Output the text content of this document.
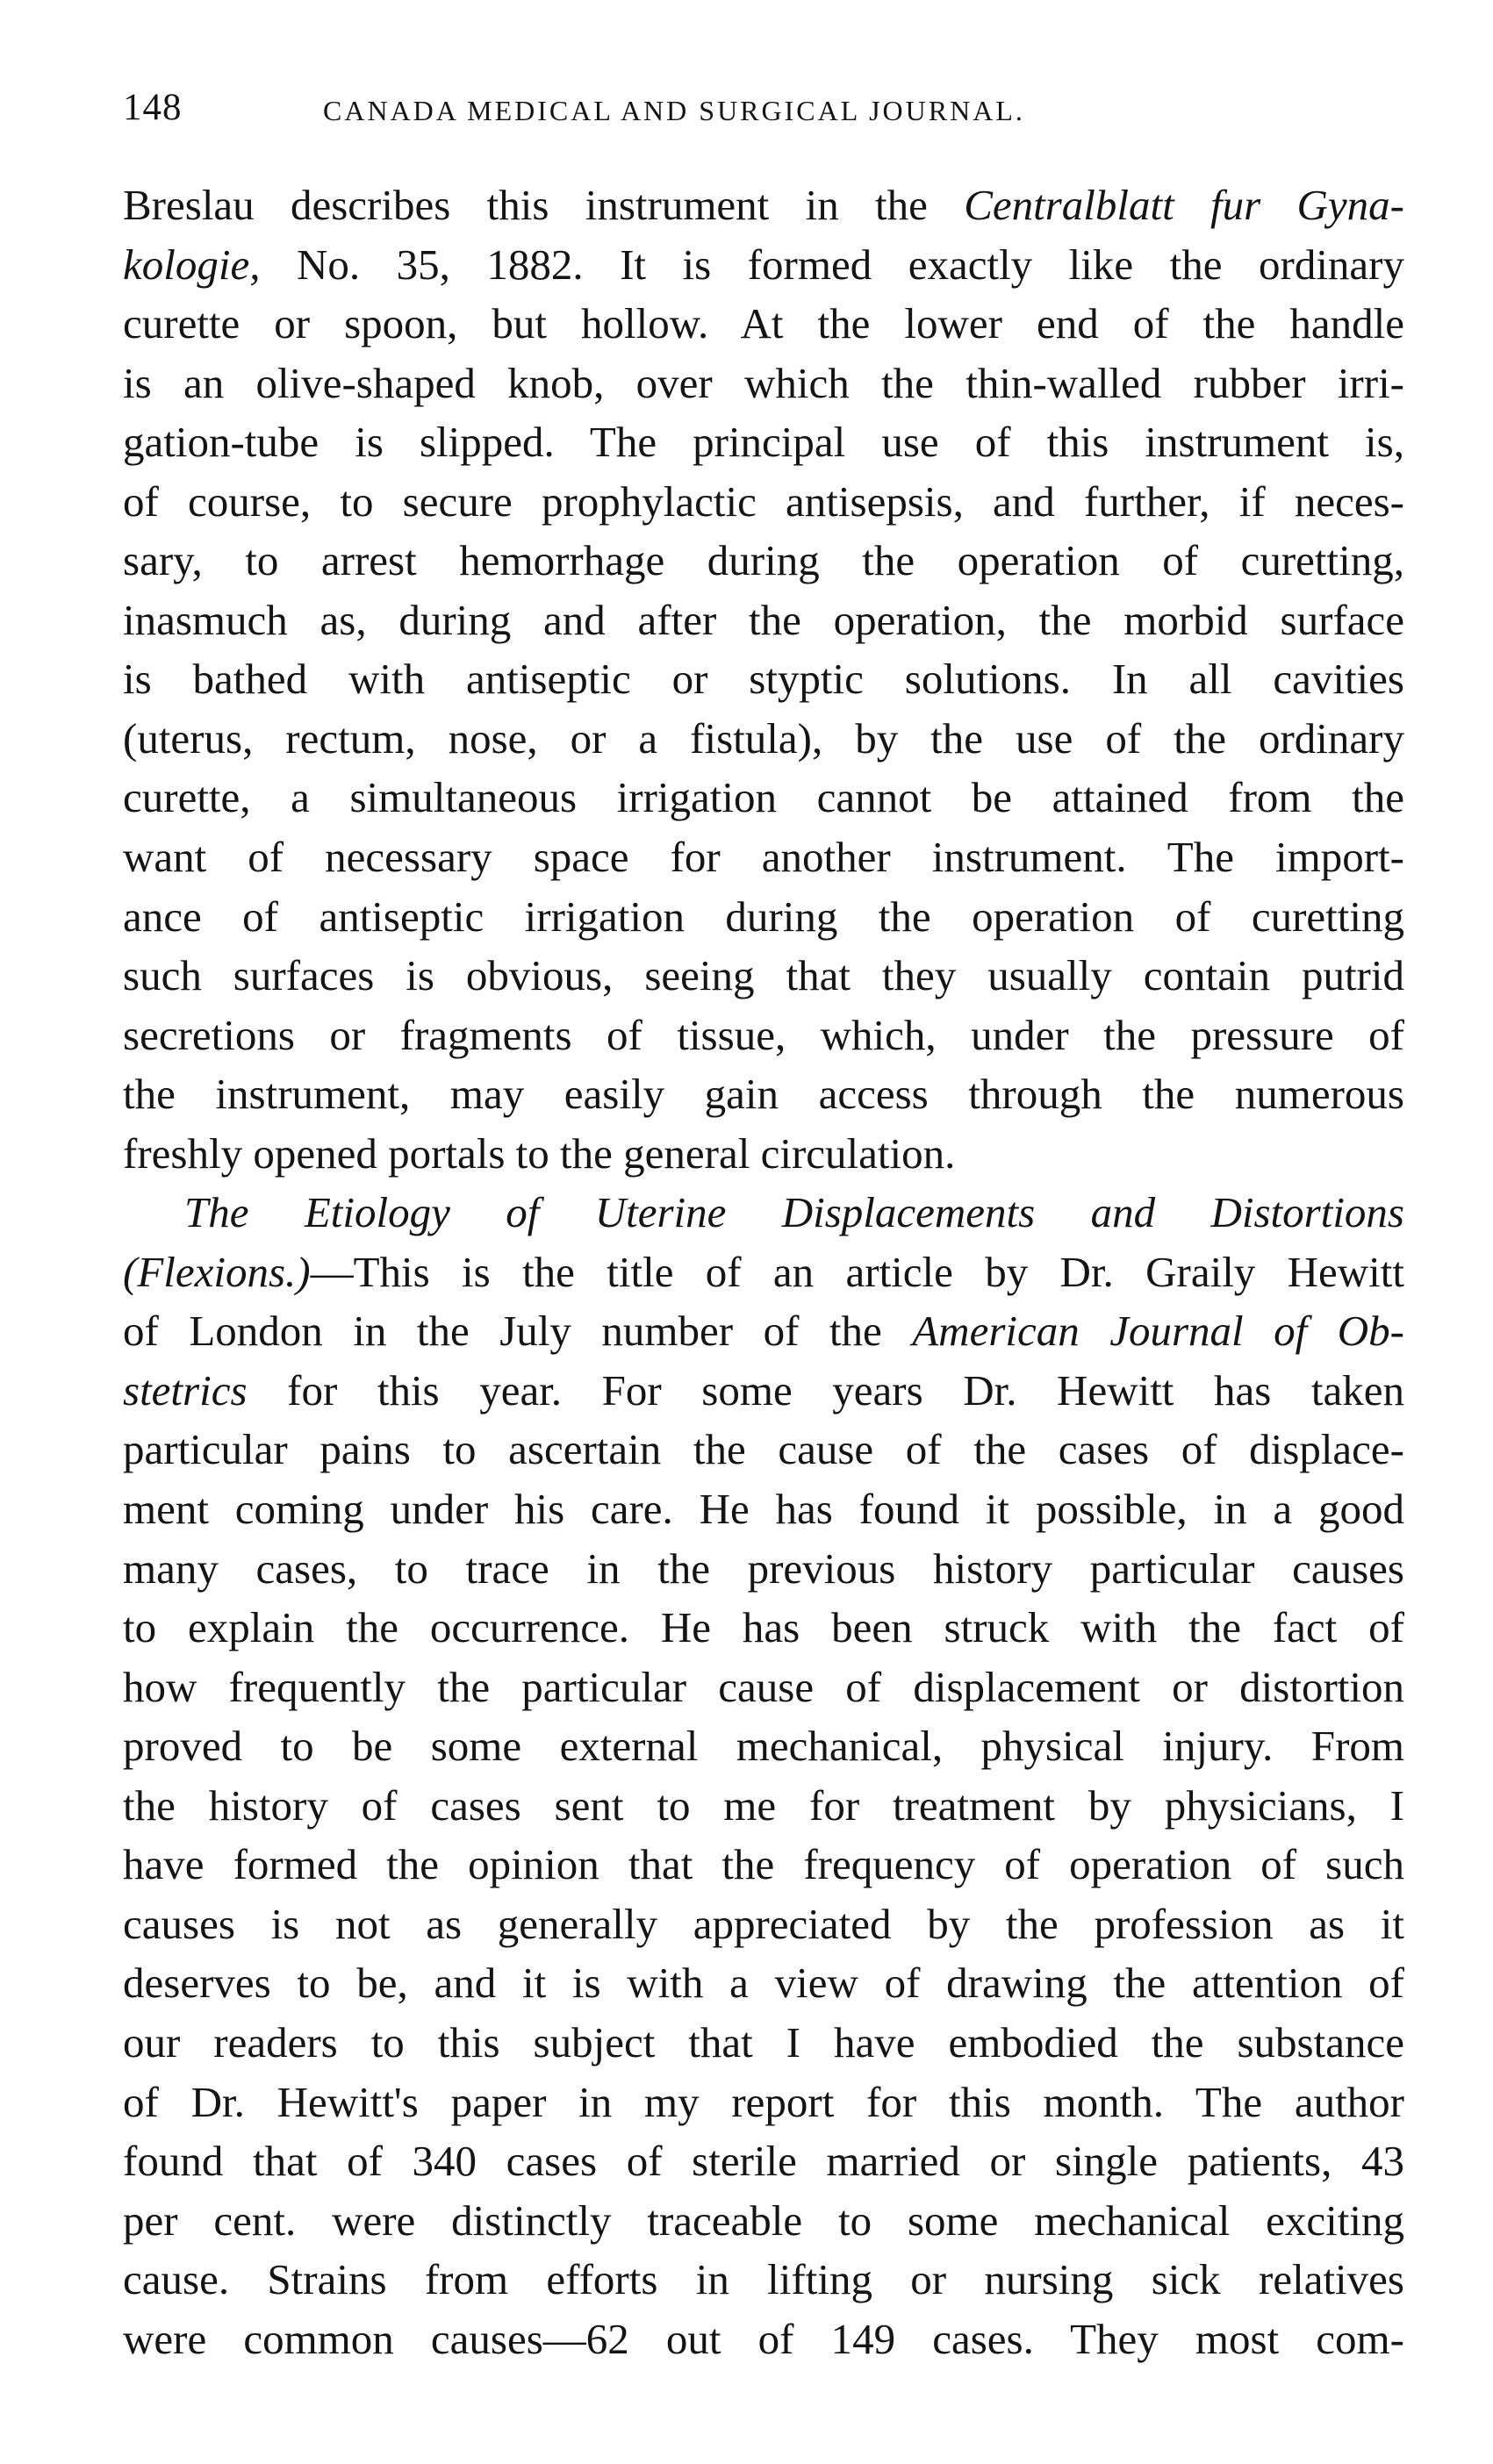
148	CANADA MEDICAL AND SURGICAL JOURNAL.
Breslau describes this instrument in the Centralblatt fur Gyna-
kologie, No. 35, 1882. It is formed exactly like the ordinary
curette or spoon, but hollow. At the lower end of the handle
is an olive-shaped knob, over which the thin-walled rubber irri-
gation-tube is slipped. The principal use of this instrument is,
of course, to secure prophylactic antisepsis, and further, if neces-
sary, to arrest hemorrhage during the operation of curetting,
inasmuch as, during and after the operation, the morbid surface
is bathed with antiseptic or styptic solutions. In all cavities
(uterus, rectum, nose, or a fistula), by the use of the ordinary
curette, a simultaneous irrigation cannot be attained from the
want of necessary space for another instrument. The import-
ance of antiseptic irrigation during the operation of curetting
such surfaces is obvious, seeing that they usually contain putrid
secretions or fragments of tissue, which, under the pressure of
the instrument, may easily gain access through the numerous
freshly opened portals to the general circulation.
The Etiology of Uterine Displacements and Distortions
(Flexions.)—This is the title of an article by Dr. Graily Hewitt
of London in the July number of the American Journal of Ob-
stetrics for this year. For some years Dr. Hewitt has taken
particular pains to ascertain the cause of the cases of displace-
ment coming under his care. He has found it possible, in a good
many cases, to trace in the previous history particular causes
to explain the occurrence. He has been struck with the fact of
how frequently the particular cause of displacement or distortion
proved to be some external mechanical, physical injury. From
the history of cases sent to me for treatment by physicians, I
have formed the opinion that the frequency of operation of such
causes is not as generally appreciated by the profession as it
deserves to be, and it is with a view of drawing the attention of
our readers to this subject that I have embodied the substance
of Dr. Hewitt's paper in my report for this month. The author
found that of 340 cases of sterile married or single patients, 43
per cent. were distinctly traceable to some mechanical exciting
cause. Strains from efforts in lifting or nursing sick relatives
were common causes—62 out of 149 cases. They most com-
